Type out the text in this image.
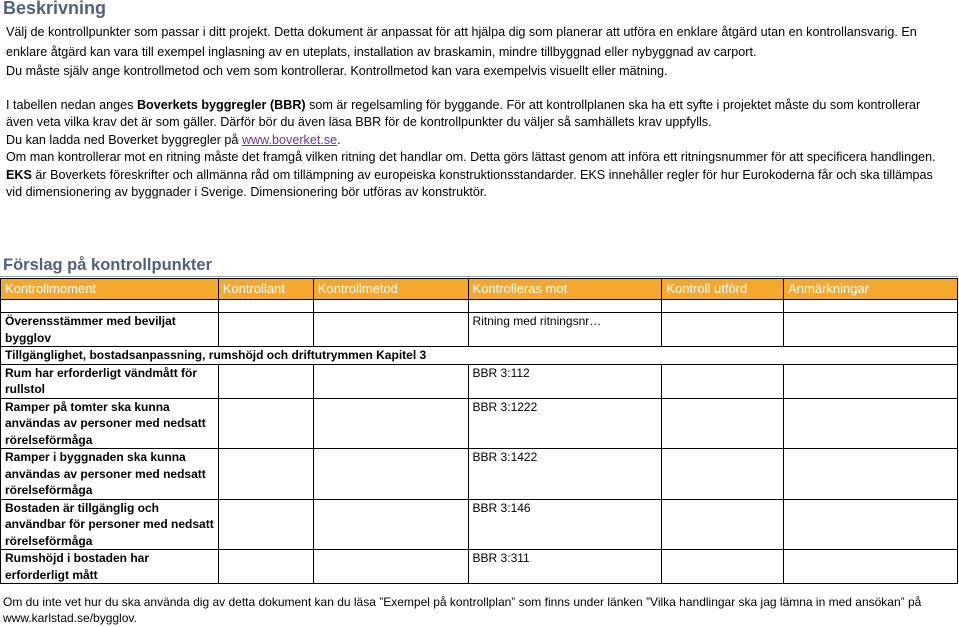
Beskrivning

Välj de kontrollpunkter som passar i ditt projekt. Detta dokument är anpassat för att hjälpa dig som planerar att utföra en enklare åtgärd utan en kontrollansvarig. En enklare åtgärd kan vara till exempel inglasning av en uteplats, installation av braskamin, mindre tillbyggnad eller nybyggnad av carport.

Du måste själv ange kontrollmetod och vem som kontrollerar. Kontrollmetod kan vara exempelvis visuellt eller mätning.

I tabellen nedan anges Boverkets byggregler (BBR) som är regelsamling för byggande. För att kontrollplanen ska ha ett syfte i projektet måste du som kontrollerar även veta vilka krav det är som gäller. Därför bör du även läsa BBR för de kontrollpunkter du väljer så samhällets krav uppfylls.

Du kan ladda ned Boverket byggregler på www.boverket.se.

Om man kontrollerar mot en ritning måste det framgå vilken ritning det handlar om. Detta görs lättast genom att införa ett ritningsnummer för att specificera handlingen.

EKS är Boverkets föreskrifter och allmänna råd om tillämpning av europeiska konstruktionsstandarder. EKS innehåller regler för hur Eurokoderna får och ska tillämpas vid dimensionering av byggnader i Sverige. Dimensionering bör utföras av konstruktör.

Förslag på kontrollpunkter
Kontrollmoment	Kontrollant	Kontrollmetod	Kontrolleras mot	Kontroll utförd	Anmärkningar

Överensstämmer med beviljat bygglov			Ritning med ritningsnr…		
Tillgänglighet, bostadsanpassning, rumshöjd och driftutrymmen Kapitel 3					
Rum har erforderligt vändmått för rullstol			BBR 3:112		
Ramper på tomter ska kunna användas av personer med nedsatt rörelseförmåga			BBR 3:1222		
Ramper i byggnaden ska kunna användas av personer med nedsatt rörelseförmåga			BBR 3:1422		
Bostaden är tillgänglig och användbar för personer med nedsatt rörelseförmåga			BBR 3:146		
Rumshöjd i bostaden har erforderligt mått			BBR 3:311		

Om du inte vet hur du ska använda dig av detta dokument kan du läsa ”Exempel på kontrollplan” som finns under länken ”Vilka handlingar ska jag lämna in med ansökan” på www.karlstad.se/bygglov.
